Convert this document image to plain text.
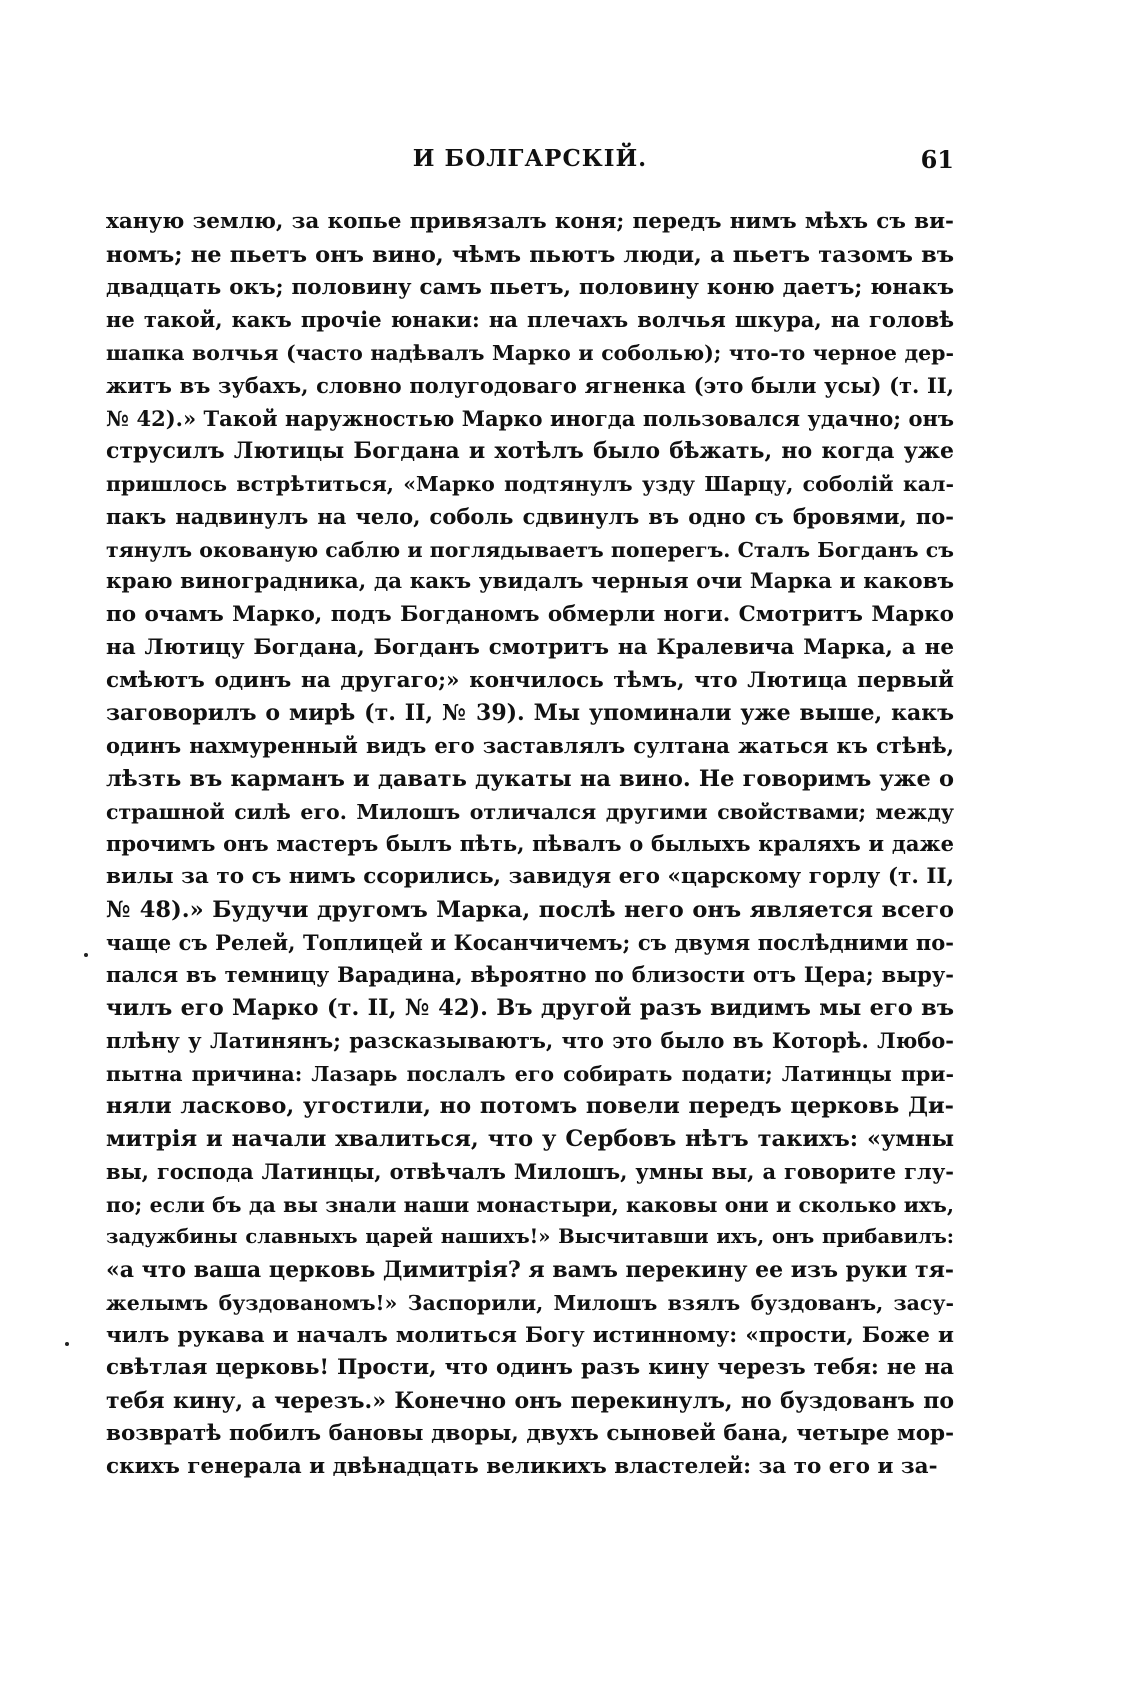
И БОЛГАРСКІЙ.	61
ханую землю, за копье привязалъ коня; передъ нимъ мѣхъ съ ви-
номъ; не пьетъ онъ вино, чѣмъ пьютъ люди, а пьетъ тазомъ въ
двадцать окъ; половину самъ пьетъ, половину коню даетъ; юнакъ
не такой, какъ прочіе юнаки: на плечахъ волчья шкура, на головѣ
шапка волчья (часто надѣвалъ Марко и соболью); что-то черное дер-
житъ въ зубахъ, словно полугодоваго ягненка (это были усы) (т. II,
№ 42).» Такой наружностью Марко иногда пользовался удачно; онъ
струсилъ Лютицы Богдана и хотѣлъ было бѣжать, но когда уже
пришлось встрѣтиться, «Марко подтянулъ узду Шарцу, соболій кал-
пакъ надвинулъ на чело, соболь сдвинулъ въ одно съ бровями, по-
тянулъ окованую саблю и поглядываетъ поперегъ. Сталъ Богданъ съ
краю виноградника, да какъ увидалъ черныя очи Марка и каковъ
по очамъ Марко, подъ Богданомъ обмерли ноги. Смотритъ Марко
на Лютицу Богдана, Богданъ смотритъ на Кралевича Марка, а не
смѣютъ одинъ на другаго;» кончилось тѣмъ, что Лютица первый
заговорилъ о мирѣ (т. II, № 39). Мы упоминали уже выше, какъ
одинъ нахмуренный видъ его заставлялъ султана жаться къ стѣнѣ,
лѣзть въ карманъ и давать дукаты на вино. Не говоримъ уже о
страшной силѣ его. Милошъ отличался другими свойствами; между
прочимъ онъ мастеръ былъ пѣть, пѣвалъ о былыхъ краляхъ и даже
вилы за то съ нимъ ссорились, завидуя его «царскому горлу (т. II,
№ 48).» Будучи другомъ Марка, послѣ него онъ является всего
чаще съ Релей, Топлицей и Косанчичемъ; съ двумя послѣдними по-
пался въ темницу Варадина, вѣроятно по близости отъ Цера; выру-
чилъ его Марко (т. II, № 42). Въ другой разъ видимъ мы его въ
плѣну у Латинянъ; разсказываютъ, что это было въ Которѣ. Любо-
пытна причина: Лазарь послалъ его собирать подати; Латинцы при-
няли ласково, угостили, но потомъ повели передъ церковь Ди-
митрія и начали хвалиться, что у Сербовъ нѣтъ такихъ: «умны
вы, господа Латинцы, отвѣчалъ Милошъ, умны вы, а говорите глу-
по; если бъ да вы знали наши монастыри, каковы они и сколько ихъ,
задужбины славныхъ царей нашихъ!» Высчитавши ихъ, онъ прибавилъ:
«а что ваша церковь Димитрія? я вамъ перекину ее изъ руки тя-
желымъ буздованомъ!» Заспорили, Милошъ взялъ буздованъ, засу-
чилъ рукава и началъ молиться Богу истинному: «прости, Боже и
свѣтлая церковь! Прости, что одинъ разъ кину черезъ тебя: не на
тебя кину, а черезъ.» Конечно онъ перекинулъ, но буздованъ по
возвратѣ побилъ бановы дворы, двухъ сыновей бана, четыре мор-
скихъ генерала и двѣнадцать великихъ властелей: за то его и за-
